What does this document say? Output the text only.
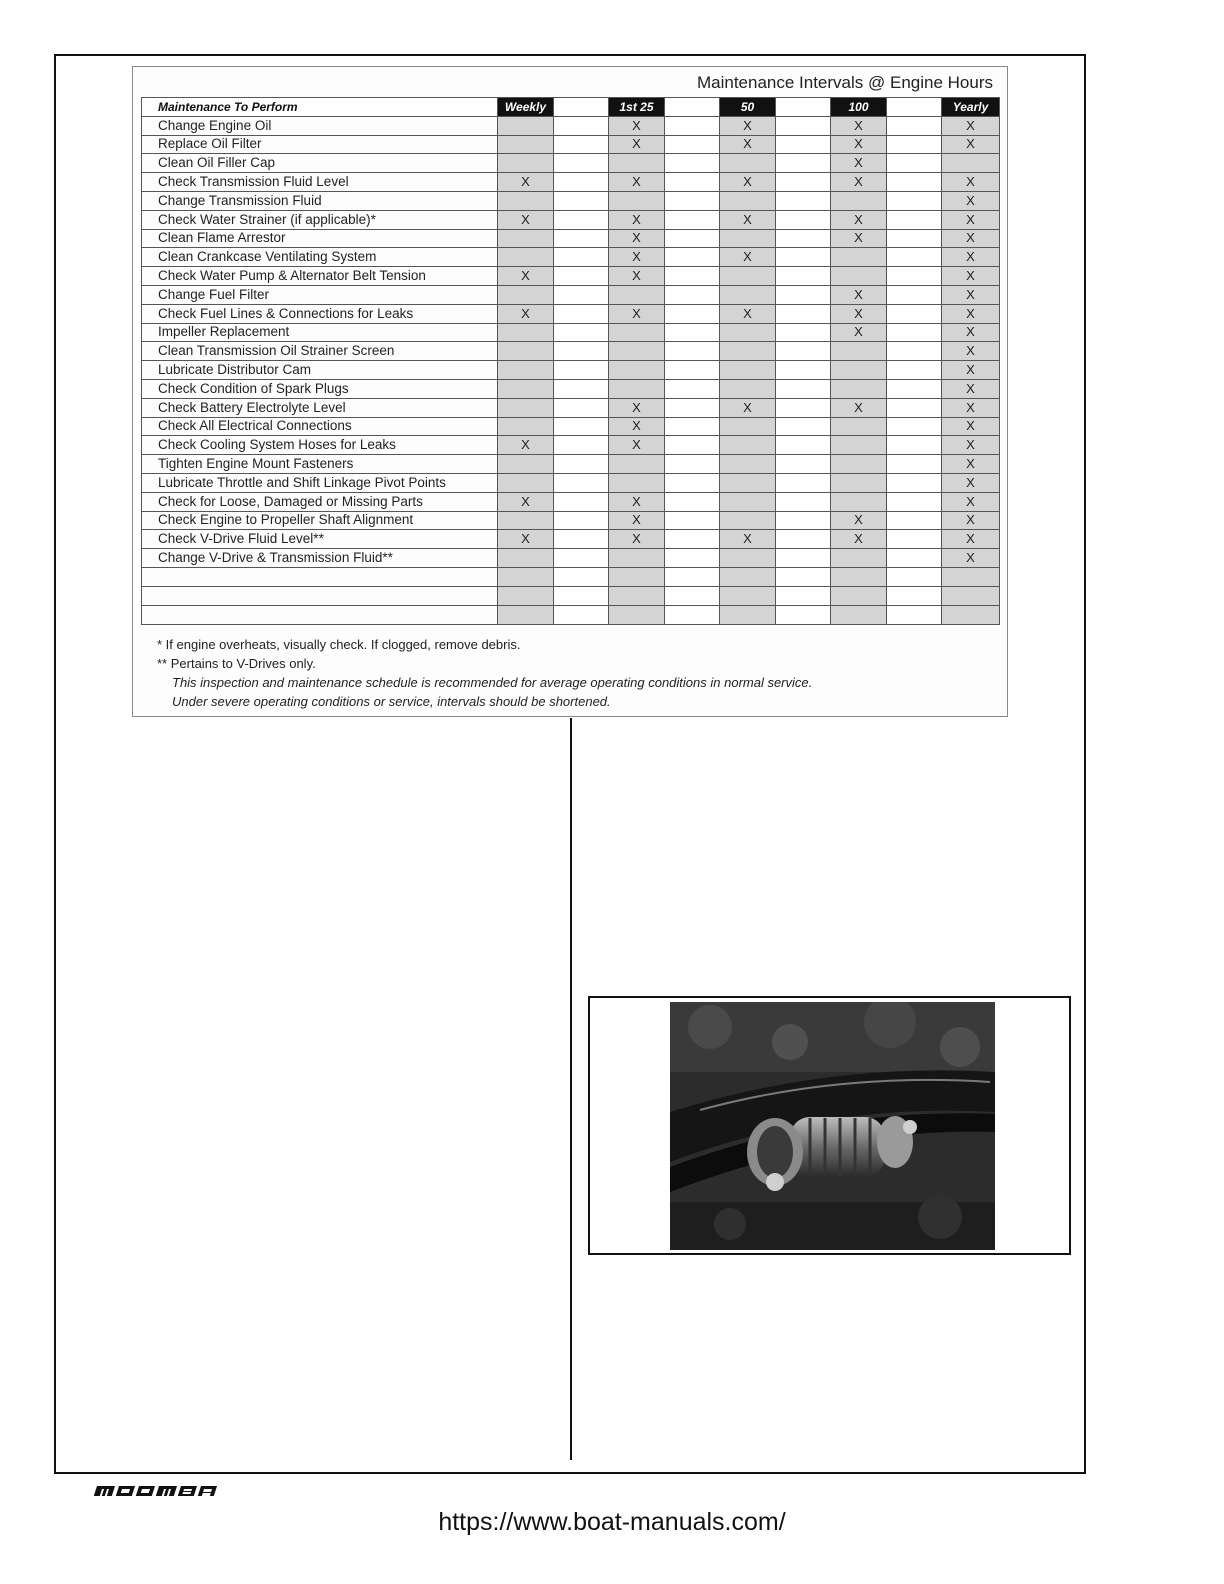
Maintenance Intervals @ Engine Hours
Maintenance To Perform	Weekly		1st 25		50		100		Yearly
Change Engine Oil			X		X		X		X
Replace Oil Filter			X		X		X		X
Clean Oil Filler Cap							X		
Check Transmission Fluid Level	X		X		X		X		X
Change Transmission Fluid									X
Check Water Strainer (if applicable)*	X		X		X		X		X
Clean Flame Arrestor			X				X		X
Clean Crankcase Ventilating System			X		X				X
Check Water Pump & Alternator Belt Tension	X		X						X
Change Fuel Filter							X		X
Check Fuel Lines & Connections for Leaks	X		X		X		X		X
Impeller Replacement							X		X
Clean Transmission Oil Strainer Screen									X
Lubricate Distributor Cam									X
Check Condition of Spark Plugs									X
Check Battery Electrolyte Level			X		X		X		X
Check All Electrical Connections			X						X
Check Cooling System Hoses for Leaks	X		X						X
Tighten Engine Mount Fasteners									X
Lubricate Throttle and Shift Linkage Pivot Points									X
Check for Loose, Damaged or Missing Parts	X		X						X
Check Engine to Propeller Shaft Alignment			X				X		X
Check V-Drive Fluid Level**	X		X		X		X		X
Change V-Drive & Transmission Fluid**									X

* If engine overheats, visually check. If clogged, remove debris.
** Pertains to V-Drives only.
This inspection and maintenance schedule is recommended for average operating conditions in normal service.
Under severe operating conditions or service, intervals should be shortened.
https://www.boat-manuals.com/
